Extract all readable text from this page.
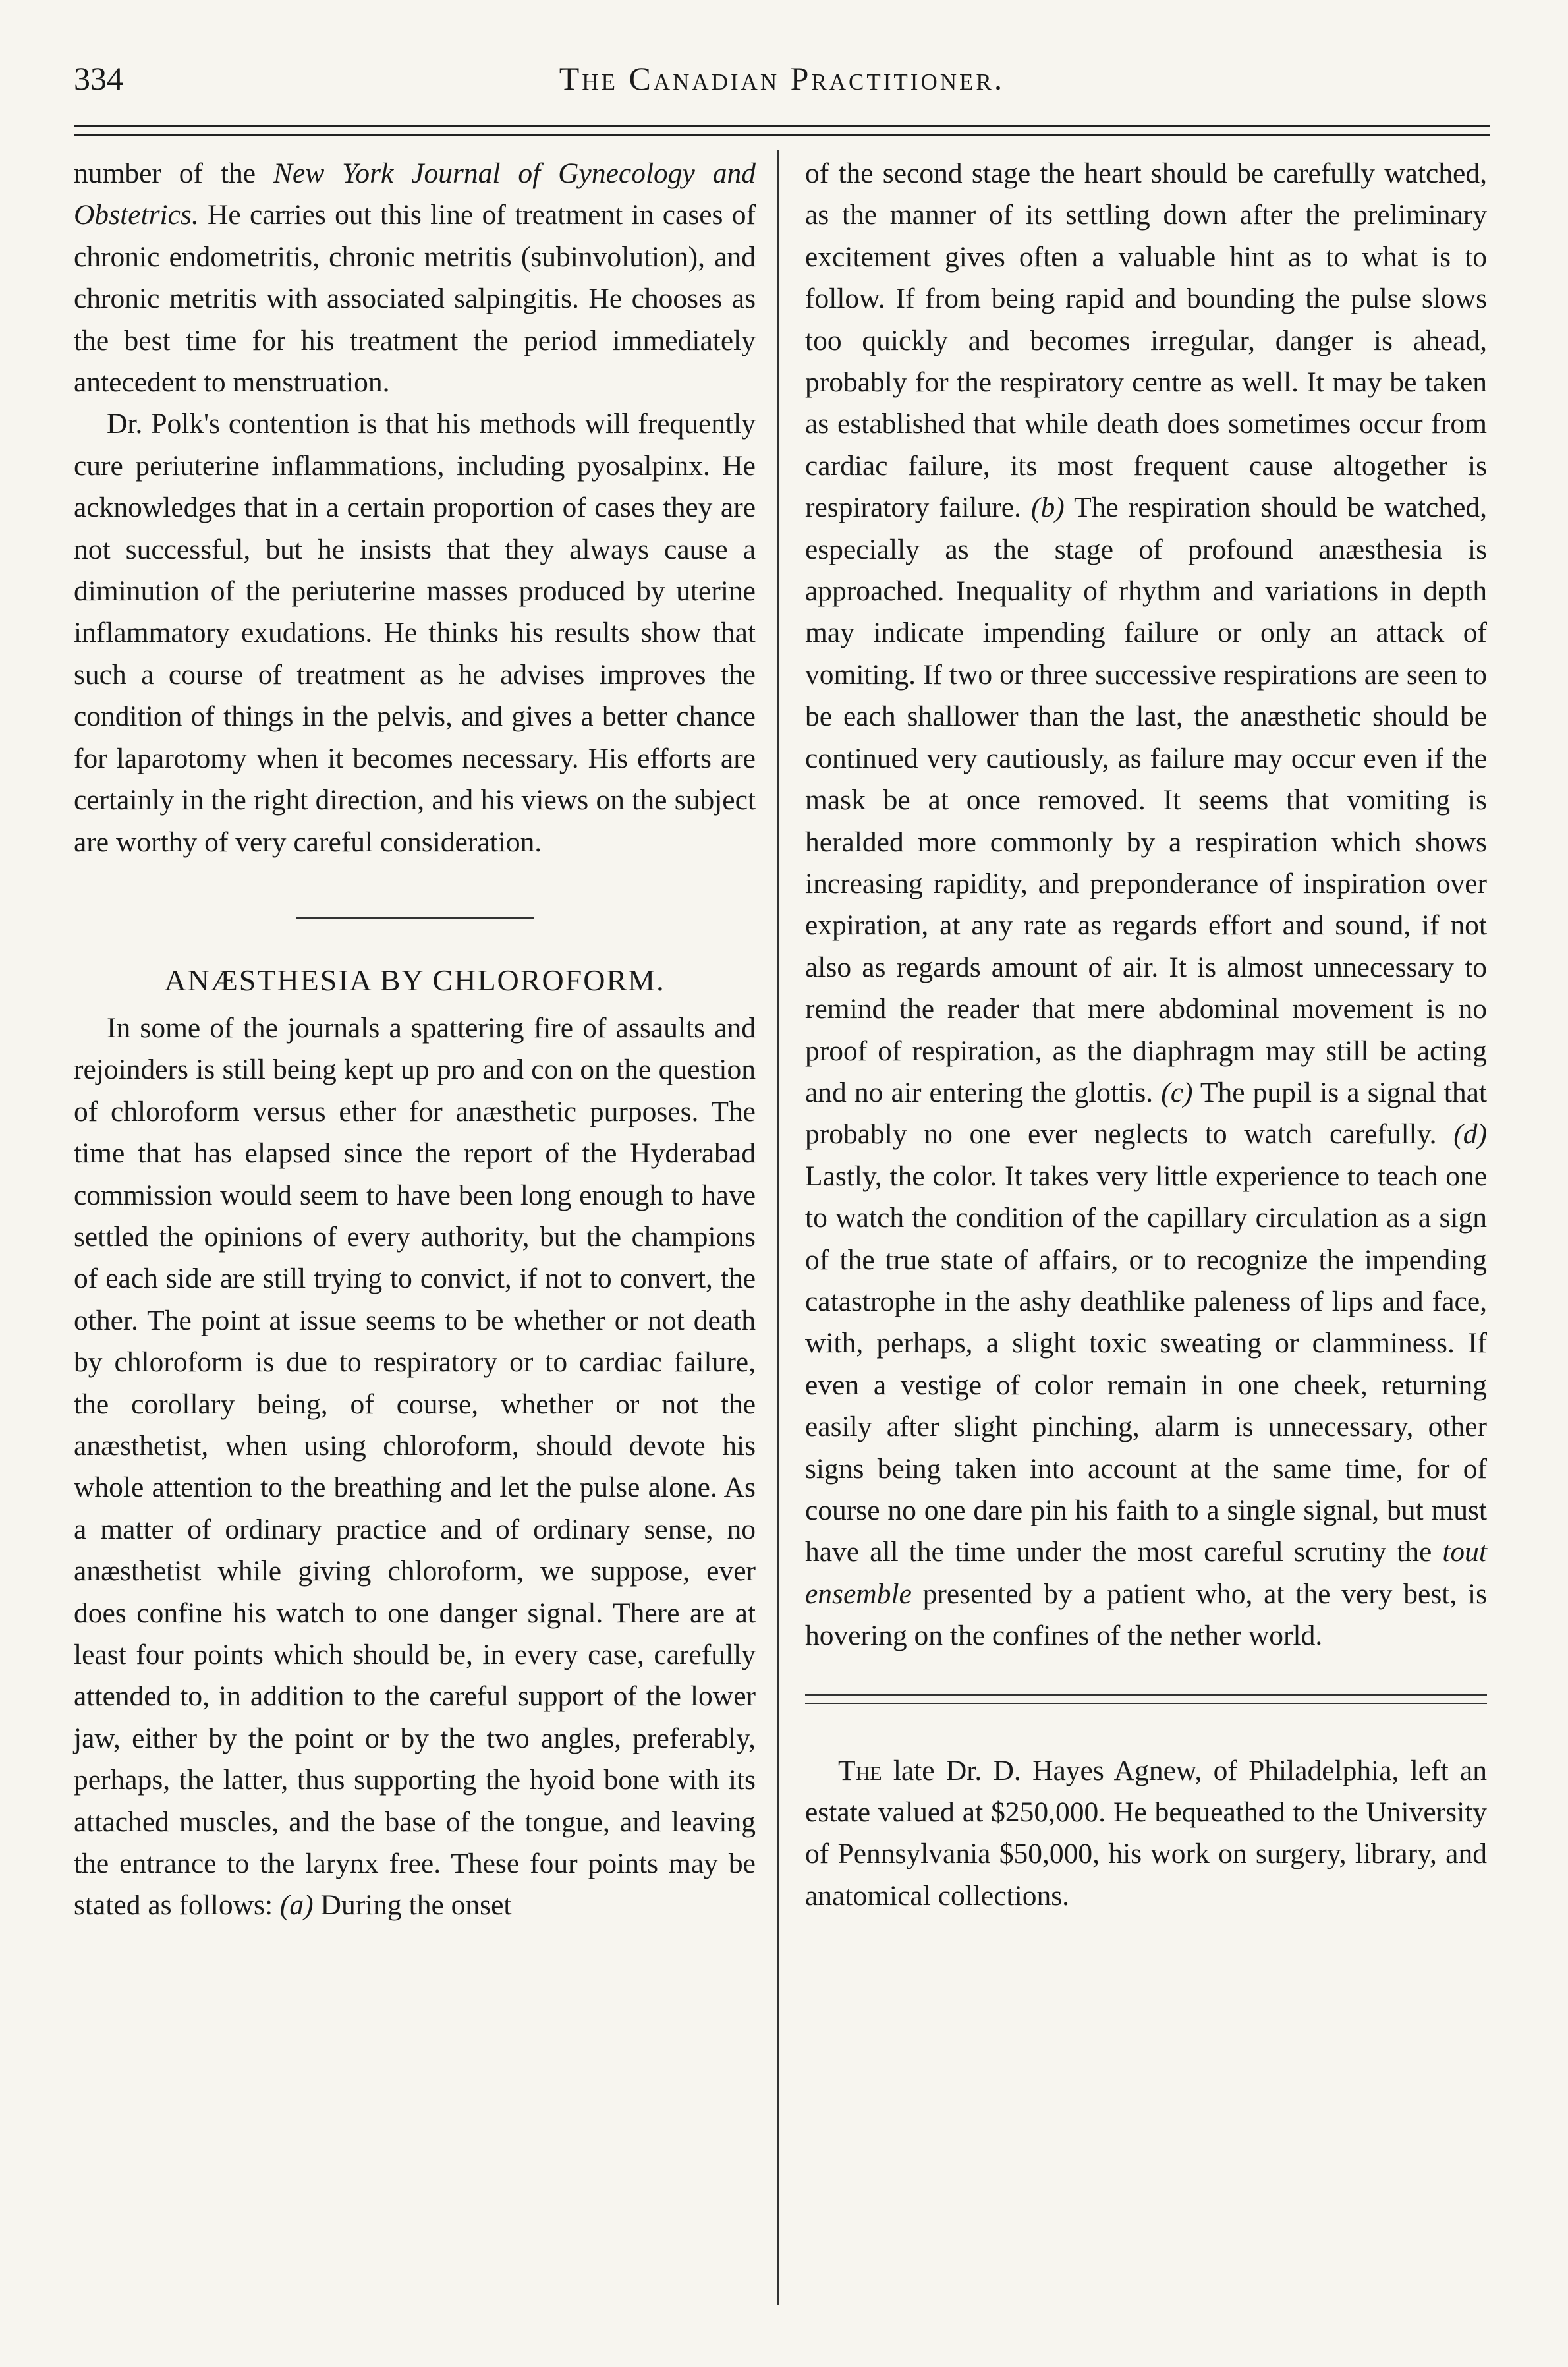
334	The Canadian Practitioner.

number of the New York Journal of Gynecology and Obstetrics. He carries out this line of treatment in cases of chronic endometritis, chronic metritis (subinvolution), and chronic metritis with associated salpingitis. He chooses as the best time for his treatment the period immediately antecedent to menstruation.

Dr. Polk's contention is that his methods will frequently cure periuterine inflammations, including pyosalpinx. He acknowledges that in a certain proportion of cases they are not successful, but he insists that they always cause a diminution of the periuterine masses produced by uterine inflammatory exudations. He thinks his results show that such a course of treatment as he advises improves the condition of things in the pelvis, and gives a better chance for laparotomy when it becomes necessary. His efforts are certainly in the right direction, and his views on the subject are worthy of very careful consideration.

ANÆSTHESIA BY CHLOROFORM.

In some of the journals a spattering fire of assaults and rejoinders is still being kept up pro and con on the question of chloroform versus ether for anæsthetic purposes. The time that has elapsed since the report of the Hyderabad commission would seem to have been long enough to have settled the opinions of every authority, but the champions of each side are still trying to convict, if not to convert, the other. The point at issue seems to be whether or not death by chloroform is due to respiratory or to cardiac failure, the corollary being, of course, whether or not the anæsthetist, when using chloroform, should devote his whole attention to the breathing and let the pulse alone. As a matter of ordinary practice and of ordinary sense, no anæsthetist while giving chloroform, we suppose, ever does confine his watch to one danger signal. There are at least four points which should be, in every case, carefully attended to, in addition to the careful support of the lower jaw, either by the point or by the two angles, preferably, perhaps, the latter, thus supporting the hyoid bone with its attached muscles, and the base of the tongue, and leaving the entrance to the larynx free. These four points may be stated as follows: (a) During the onset

of the second stage the heart should be carefully watched, as the manner of its settling down after the preliminary excitement gives often a valuable hint as to what is to follow. If from being rapid and bounding the pulse slows too quickly and becomes irregular, danger is ahead, probably for the respiratory centre as well. It may be taken as established that while death does sometimes occur from cardiac failure, its most frequent cause altogether is respiratory failure. (b) The respiration should be watched, especially as the stage of profound anæsthesia is approached. Inequality of rhythm and variations in depth may indicate impending failure or only an attack of vomiting. If two or three successive respirations are seen to be each shallower than the last, the anæsthetic should be continued very cautiously, as failure may occur even if the mask be at once removed. It seems that vomiting is heralded more commonly by a respiration which shows increasing rapidity, and preponderance of inspiration over expiration, at any rate as regards effort and sound, if not also as regards amount of air. It is almost unnecessary to remind the reader that mere abdominal movement is no proof of respiration, as the diaphragm may still be acting and no air entering the glottis. (c) The pupil is a signal that probably no one ever neglects to watch carefully. (d) Lastly, the color. It takes very little experience to teach one to watch the condition of the capillary circulation as a sign of the true state of affairs, or to recognize the impending catastrophe in the ashy deathlike paleness of lips and face, with, perhaps, a slight toxic sweating or clamminess. If even a vestige of color remain in one cheek, returning easily after slight pinching, alarm is unnecessary, other signs being taken into account at the same time, for of course no one dare pin his faith to a single signal, but must have all the time under the most careful scrutiny the tout ensemble presented by a patient who, at the very best, is hovering on the confines of the nether world.

The late Dr. D. Hayes Agnew, of Philadelphia, left an estate valued at $250,000. He bequeathed to the University of Pennsylvania $50,000, his work on surgery, library, and anatomical collections.
